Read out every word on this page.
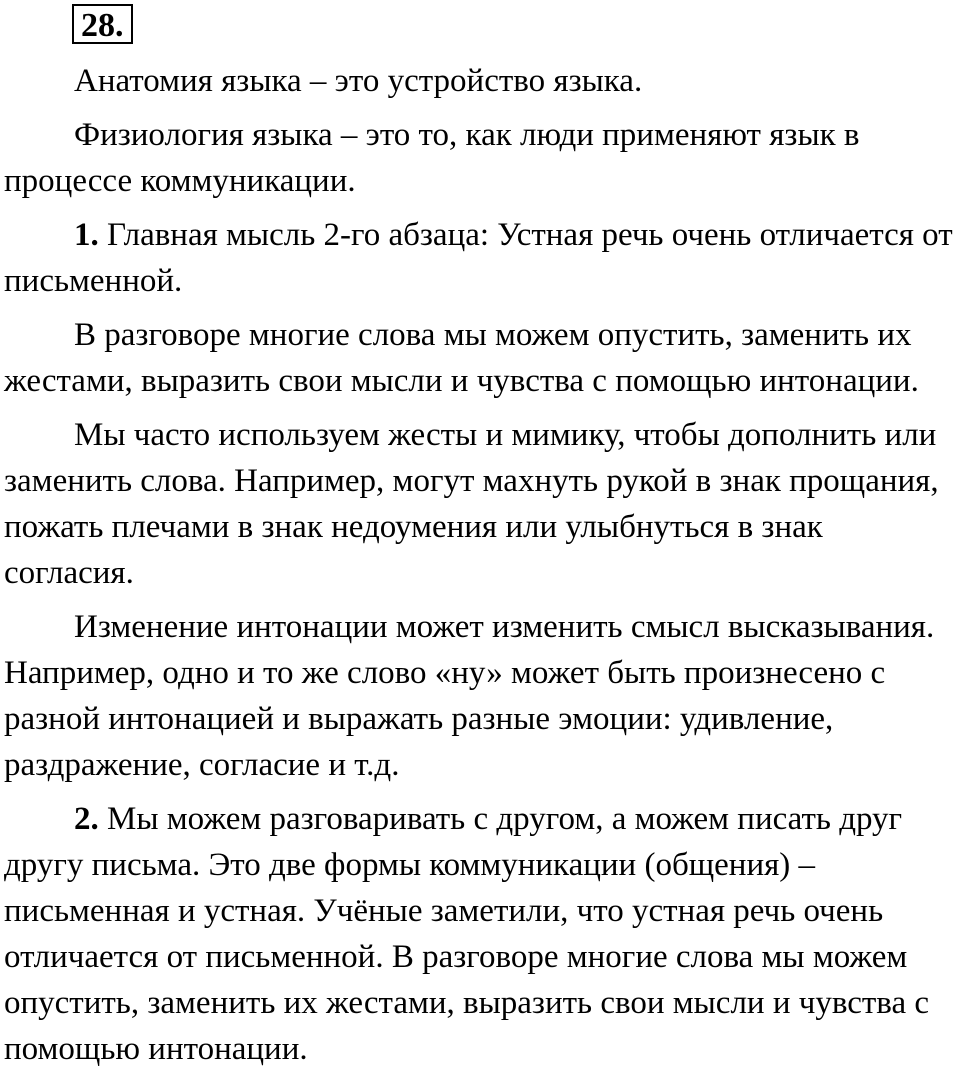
28.

Анатомия языка – это устройство языка.

Физиология языка – это то, как люди применяют язык в процессе коммуникации.

1. Главная мысль 2-го абзаца: Устная речь очень отличается от письменной.

В разговоре многие слова мы можем опустить, заменить их жестами, выразить свои мысли и чувства с помощью интонации.

Мы часто используем жесты и мимику, чтобы дополнить или заменить слова. Например, могут махнуть рукой в знак прощания, пожать плечами в знак недоумения или улыбнуться в знак согласия.

Изменение интонации может изменить смысл высказывания. Например, одно и то же слово «ну» может быть произнесено с разной интонацией и выражать разные эмоции: удивление, раздражение, согласие и т.д.

2. Мы можем разговаривать с другом, а можем писать друг другу письма. Это две формы коммуникации (общения) – письменная и устная. Учёные заметили, что устная речь очень отличается от письменной. В разговоре многие слова мы можем опустить, заменить их жестами, выразить свои мысли и чувства с помощью интонации.
